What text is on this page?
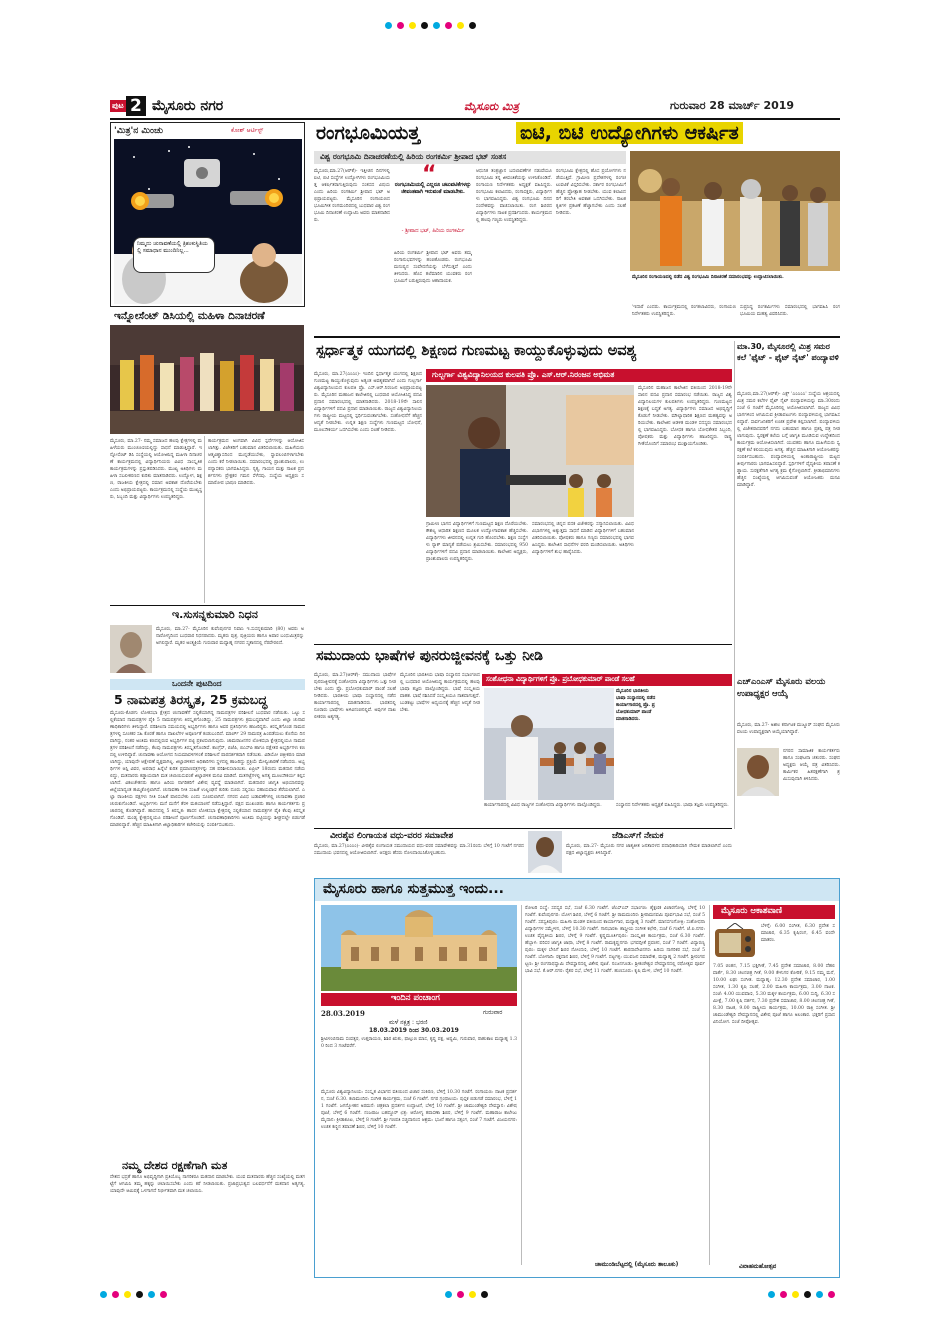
ಪುಟ 2 ಮೈಸೂರು ನಗರ	ಮೈಸೂರು ಮಿತ್ರ	ಗುರುವಾರ 28 ಮಾರ್ಚ್ 2019
'ಮಿತ್ರ'ನ ಮಿಂಚು	ಕೋಶ್ ಆರ್ಟಿಸ್ಟ್
ನಿಮ್ಮದು ಚುನಾವಣೆಯಲ್ಲಿ ತ್ರಿಶಂಕುಸ್ಥಿತಿಯಲ್ಲಿ ಸಮಾಧಾನ ಮುಂದಿನಿಲ್ಲ...
ಇನ್ನೋಸೆಂಟ್ ಡಿಸಿಯಲ್ಲಿ ಮಹಿಳಾ ದಿನಾಚರಣೆ
ಮೈಸೂರು, ಮಾ.27- ನಮ್ಮ ಸಮಾಜದ ಹಲವು ಕ್ಷೇತ್ರಗಳಲ್ಲಿ ಮಹಿಳೆಯರು ಮುಂಚೂಣಿಯಲ್ಲಿದ್ದು ಸಾಧನೆ ಮಾಡುತ್ತಿದ್ದಾರೆ. ಇನ್ನೋಸೆಂಟ್ ಡಿಸಿ ಸಂಸ್ಥೆಯಲ್ಲಿ ಆಯೋಜಿಸಿದ್ದ ಮಹಿಳಾ ದಿನಾಚರಣೆ ಕಾರ್ಯಕ್ರಮದಲ್ಲಿ ವಿದ್ಯಾರ್ಥಿನಿಯರು ವಿವಿಧ ಸಾಂಸ್ಕೃತಿಕ ಕಾರ್ಯಕ್ರಮಗಳನ್ನು ಪ್ರಸ್ತುತಪಡಿಸಿದರು. ಮುಖ್ಯ ಅತಿಥಿಗಳು ಮಹಿಳಾ ಸಬಲೀಕರಣದ ಕುರಿತು ಮಾತನಾಡಿದರು. ಉದ್ಯೋಗ, ಶಿಕ್ಷಣ, ರಾಜಕೀಯ ಕ್ಷೇತ್ರದಲ್ಲಿ ಸಮಾನ ಅವಕಾಶ ದೊರೆಯಬೇಕು ಎಂದು ಅಭಿಪ್ರಾಯಪಟ್ಟರು. ಕಾರ್ಯಕ್ರಮದಲ್ಲಿ ಸಂಸ್ಥೆಯ ಮುಖ್ಯಸ್ಥರು, ಸಿಬ್ಬಂದಿ ಮತ್ತು ವಿದ್ಯಾರ್ಥಿಗಳು ಉಪಸ್ಥಿತರಿದ್ದರು.
ಕಾರ್ಯಕ್ರಮದ ಅಂಗವಾಗಿ ವಿವಿಧ ಸ್ಪರ್ಧೆಗಳನ್ನು ಆಯೋಜಿಸಲಾಗಿತ್ತು. ವಿಜೇತರಿಗೆ ಬಹುಮಾನ ವಿತರಿಸಲಾಯಿತು. ಮಹಿಳೆಯರು ಆತ್ಮವಿಶ್ವಾಸದಿಂದ ಮುನ್ನಡೆಯಬೇಕು, ಸ್ವಾವಲಂಬಿಗಳಾಗಬೇಕು ಎಂದು ಕರೆ ನೀಡಲಾಯಿತು. ಸಮಾರಂಭದಲ್ಲಿ ಪ್ರಾಂಶುಪಾಲರು, ಉಪನ್ಯಾಸಕರು ಭಾಗವಹಿಸಿದ್ದರು. ನೃತ್ಯ, ಗಾಯನ ಮತ್ತು ನಾಟಕ ಪ್ರದರ್ಶನಗಳು ಪ್ರೇಕ್ಷಕರ ಗಮನ ಸೆಳೆದವು. ಸಂಸ್ಥೆಯ ಅಧ್ಯಕ್ಷರು ಸಮಾರೋಪ ಭಾಷಣ ಮಾಡಿದರು.
ಇ.ಸುಸನ್ನಕುಮಾರಿ ನಿಧನ
ಮೈಸೂರು, ಮಾ.27- ಮೈಸೂರಿನ ಕುವೆಂಪುನಗರ ನಿವಾಸಿ ಇ.ಸುಸನ್ನಕುಮಾರಿ (80) ಅವರು ಅನಾರೋಗ್ಯದಿಂದ ಬುಧವಾರ ನಿಧನರಾದರು. ಮೃತರು ಪುತ್ರ, ಪುತ್ರಿಯರು ಹಾಗೂ ಅಪಾರ ಬಂಧುಮಿತ್ರರನ್ನು ಅಗಲಿದ್ದಾರೆ. ಮೃತರ ಅಂತ್ಯಕ್ರಿಯೆ ಗುರುವಾರ ಮಧ್ಯಾಹ್ನ ನಗರದ ಸ್ಮಶಾನದಲ್ಲಿ ನೆರವೇರಲಿದೆ.
ಒಂದನೇ ಪುಟದಿಂದ
5 ನಾಮಪತ್ರ ತಿರಸ್ಕೃತ, 25 ಕ್ರಮಬದ್ಧ
ಮೈಸೂರು-ಕೊಡಗು ಲೋಕಸಭಾ ಕ್ಷೇತ್ರದ ಚುನಾವಣೆಗೆ ಸಲ್ಲಿಕೆಯಾಗಿದ್ದ ನಾಮಪತ್ರಗಳ ಪರಿಶೀಲನೆ ಬುಧವಾರ ನಡೆಯಿತು. ಒಟ್ಟು ಸಲ್ಲಿಕೆಯಾದ ನಾಮಪತ್ರಗಳ ಪೈಕಿ 5 ನಾಮಪತ್ರಗಳು ತಿರಸ್ಕೃತಗೊಂಡಿದ್ದು, 25 ನಾಮಪತ್ರಗಳು ಕ್ರಮಬದ್ಧವಾಗಿವೆ ಎಂದು ಜಿಲ್ಲಾ ಚುನಾವಣಾಧಿಕಾರಿಗಳು ತಿಳಿಸಿದ್ದಾರೆ. ಪರಿಶೀಲನಾ ಸಮಯದಲ್ಲಿ ಅಭ್ಯರ್ಥಿಗಳು ಹಾಗೂ ಅವರ ಪ್ರತಿನಿಧಿಗಳು ಹಾಜರಿದ್ದರು. ತಿರಸ್ಕೃತಗೊಂಡ ನಾಮಪತ್ರಗಳಲ್ಲಿ ಸೂಚಕರ ಸಹಿ ಕೊರತೆ ಹಾಗೂ ದಾಖಲೆಗಳ ಅಪೂರ್ಣತೆ ಕಂಡುಬಂದಿದೆ. ಮಾರ್ಚ್ 29 ನಾಮಪತ್ರ ಹಿಂಪಡೆಯಲು ಕೊನೆಯ ದಿನವಾಗಿದ್ದು, ನಂತರ ಅಂತಿಮ ಕಣದಲ್ಲಿರುವ ಅಭ್ಯರ್ಥಿಗಳ ಪಟ್ಟಿ ಪ್ರಕಟಿಸಲಾಗುವುದು. ಚಾಮರಾಜನಗರ ಲೋಕಸಭಾ ಕ್ಷೇತ್ರದಲ್ಲಿಯೂ ನಾಮಪತ್ರಗಳ ಪರಿಶೀಲನೆ ನಡೆದಿದ್ದು, ಕೆಲವು ನಾಮಪತ್ರಗಳು ತಿರಸ್ಕೃತಗೊಂಡಿವೆ. ಕಾಂಗ್ರೆಸ್, ಬಿಜೆಪಿ, ಬಿಎಸ್‌ಪಿ ಹಾಗೂ ಪಕ್ಷೇತರ ಅಭ್ಯರ್ಥಿಗಳು ಕಣದಲ್ಲಿ ಉಳಿದಿದ್ದಾರೆ. ಚುನಾವಣಾ ಆಯೋಗದ ನಿಯಮಾವಳಿಗಳಂತೆ ಪರಿಶೀಲನೆ ಪಾರದರ್ಶಕವಾಗಿ ನಡೆಯಿತು. ವಿಡಿಯೋ ಚಿತ್ರೀಕರಣ ಮಾಡಲಾಗಿದ್ದು, ಯಾವುದೇ ಆಕ್ಷೇಪಣೆ ವ್ಯಕ್ತವಾಗಿಲ್ಲ. ಜಿಲ್ಲಾಡಳಿತದ ಅಧಿಕಾರಿಗಳು ಸ್ಥಳದಲ್ಲಿ ಹಾಜರಿದ್ದು ಪ್ರಕ್ರಿಯೆ ಮೇಲ್ವಿಚಾರಣೆ ನಡೆಸಿದರು. ಅಭ್ಯರ್ಥಿಗಳ ಆಸ್ತಿ ವಿವರ, ಅಪರಾಧ ಹಿನ್ನೆಲೆ ಕುರಿತ ಪ್ರಮಾಣಪತ್ರಗಳನ್ನು ಸಹ ಪರಿಶೀಲಿಸಲಾಯಿತು. ಏಪ್ರಿಲ್ 18ರಂದು ಮತದಾನ ನಡೆಯಲಿದ್ದು, ಮತದಾರರು ಕಡ್ಡಾಯವಾಗಿ ಮತ ಚಲಾಯಿಸುವಂತೆ ಜಿಲ್ಲಾಡಳಿತ ಮನವಿ ಮಾಡಿದೆ. ಮತಗಟ್ಟೆಗಳಲ್ಲಿ ಅಗತ್ಯ ಮೂಲಸೌಕರ್ಯ ಕಲ್ಪಿಸಲಾಗಿದೆ. ವಿಕಲಚೇತನರು ಹಾಗೂ ಹಿರಿಯ ನಾಗರಿಕರಿಗೆ ವಿಶೇಷ ವ್ಯವಸ್ಥೆ ಮಾಡಲಾಗಿದೆ. ಮತದಾರರ ಜಾಗೃತಿ ಅಭಿಯಾನವನ್ನು ಜಿಲ್ಲೆಯಾದ್ಯಂತ ಹಮ್ಮಿಕೊಳ್ಳಲಾಗಿದೆ. ಚುನಾವಣಾ ನೀತಿ ಸಂಹಿತೆ ಉಲ್ಲಂಘನೆ ಕುರಿತು ದೂರು ಸಲ್ಲಿಸಲು ಸಹಾಯವಾಣಿ ತೆರೆಯಲಾಗಿದೆ. ಎಲ್ಲಾ ರಾಜಕೀಯ ಪಕ್ಷಗಳು ನೀತಿ ಸಂಹಿತೆ ಪಾಲಿಸಬೇಕು ಎಂದು ಸೂಚಿಸಲಾಗಿದೆ. ನಗರದ ವಿವಿಧ ಬಡಾವಣೆಗಳಲ್ಲಿ ಚುನಾವಣಾ ಪ್ರಚಾರ ಚುರುಕುಗೊಂಡಿದೆ. ಅಭ್ಯರ್ಥಿಗಳು ಮನೆ ಮನೆಗೆ ತೆರಳಿ ಮತಯಾಚನೆ ನಡೆಸುತ್ತಿದ್ದಾರೆ. ಪಕ್ಷದ ಮುಖಂಡರು ಹಾಗೂ ಕಾರ್ಯಕರ್ತರು ಪ್ರಚಾರದಲ್ಲಿ ತೊಡಗಿದ್ದಾರೆ. ಹಾಸನದಲ್ಲಿ 5 ತಿರಸ್ಕೃತ: ಹಾಸನ ಲೋಕಸಭಾ ಕ್ಷೇತ್ರದಲ್ಲಿ ಸಲ್ಲಿಕೆಯಾದ ನಾಮಪತ್ರಗಳ ಪೈಕಿ ಕೆಲವು ತಿರಸ್ಕೃತಗೊಂಡಿವೆ. ಮಂಡ್ಯ ಕ್ಷೇತ್ರದಲ್ಲಿಯೂ ಪರಿಶೀಲನೆ ಪೂರ್ಣಗೊಂಡಿದೆ. ಚುನಾವಣಾಧಿಕಾರಿಗಳು ಅಂತಿಮ ಪಟ್ಟಿಯನ್ನು ಶೀಘ್ರದಲ್ಲೇ ಬಿಡುಗಡೆ ಮಾಡಲಿದ್ದಾರೆ. ಹೆಚ್ಚಿನ ಮಾಹಿತಿಗಾಗಿ ಜಿಲ್ಲಾಧಿಕಾರಿಗಳ ಕಚೇರಿಯನ್ನು ಸಂಪರ್ಕಿಸಬಹುದು.
ನಮ್ಮ ದೇಶದ ರಕ್ಷಣೆಗಾಗಿ ಮತ
ದೇಶದ ಭದ್ರತೆ ಹಾಗೂ ಅಭಿವೃದ್ಧಿಗಾಗಿ ಪ್ರತಿಯೊಬ್ಬ ನಾಗರಿಕರೂ ಮತದಾನ ಮಾಡಬೇಕು. ಯುವ ಮತದಾರರು ಹೆಚ್ಚಿನ ಸಂಖ್ಯೆಯಲ್ಲಿ ಮತಗಟ್ಟೆಗೆ ಆಗಮಿಸಿ ತಮ್ಮ ಹಕ್ಕನ್ನು ಚಲಾಯಿಸಬೇಕು ಎಂದು ಕರೆ ನೀಡಲಾಯಿತು. ಪ್ರಜಾಪ್ರಭುತ್ವದ ಬಲವರ್ಧನೆಗೆ ಮತದಾನ ಅತ್ಯಗತ್ಯ. ಯಾವುದೇ ಆಮಿಷಕ್ಕೆ ಒಳಗಾಗದೆ ನಿರ್ಭೀತವಾಗಿ ಮತ ಚಲಾಯಿಸಿ.
ರಂಗಭೂಮಿಯತ್ತ	ಐಟಿ, ಬಿಟಿ ಉದ್ಯೋಗಿಗಳು ಆಕರ್ಷಿತ
ವಿಶ್ವ ರಂಗಭೂಮಿ ದಿನಾಚರಣೆಯಲ್ಲಿ ಹಿರಿಯ ರಂಗಕರ್ಮಿ ಶ್ರೀಪಾದ ಭಟ್ ಸಂತಸ
ಮೈಸೂರು,ಮಾ.27(ಆರ್‌ಕೆ)- ಇತ್ತೀಚಿನ ದಿನಗಳಲ್ಲಿ ಐಟಿ, ಬಿಟಿ ಸಂಸ್ಥೆಗಳ ಉದ್ಯೋಗಿಗಳು ರಂಗಭೂಮಿಯತ್ತ ಆಕರ್ಷಿತರಾಗುತ್ತಿರುವುದು ಸಂತಸದ ವಿಷಯ ಎಂದು ಹಿರಿಯ ರಂಗಕರ್ಮಿ ಶ್ರೀಪಾದ ಭಟ್ ಅಭಿಪ್ರಾಯಪಟ್ಟರು. ಮೈಸೂರಿನ ರಂಗಾಯಣದ ಭೂಮಿಗೀತ ರಂಗಮಂದಿರದಲ್ಲಿ ಬುಧವಾರ ವಿಶ್ವ ರಂಗಭೂಮಿ ದಿನಾಚರಣೆ ಉದ್ಘಾಟಿಸಿ ಅವರು ಮಾತನಾಡಿದರು.
“
ರಂಗಭೂಮಿಯಲ್ಲಿ ಎಲ್ಲರೂ ಚಟುವಟಿಕೆಗಳನ್ನು ಜೀವಂತವಾಗಿ ಇರುವಂತೆ ಮಾಡಬೇಕು.
- ಶ್ರೀಪಾದ ಭಟ್, ಹಿರಿಯ ರಂಗಕರ್ಮಿ
ಹಿರಿಯ ರಂಗಕರ್ಮಿ ಶ್ರೀಪಾದ ಭಟ್ ಅವರು ತಮ್ಮ ರಂಗಾನುಭವಗಳನ್ನು ಹಂಚಿಕೊಂಡರು. ರಂಗಭೂಮಿ ಮನುಷ್ಯನ ಸಂವೇದನೆಯನ್ನು ಬೆಳೆಸುತ್ತದೆ ಎಂದು ತಿಳಿಸಿದರು. ಹೊಸ ತಲೆಮಾರಿನ ಯುವಕರು ರಂಗಭೂಮಿಗೆ ಬರುತ್ತಿರುವುದು ಆಶಾದಾಯಕ.
ಆಧುನಿಕ ತಂತ್ರಜ್ಞಾನ ಬದಲಾವಣೆಗಳ ನಡುವೆಯೂ ರಂಗಭೂಮಿ ತನ್ನ ಜೀವಂತಿಕೆಯನ್ನು ಉಳಿಸಿಕೊಂಡಿದೆ. ರಂಗಾಯಣ ನಿರ್ದೇಶಕರು ಅಧ್ಯಕ್ಷತೆ ವಹಿಸಿದ್ದರು. ರಂಗಭೂಮಿ ಕಲಾವಿದರು, ರಂಗಾಸಕ್ತರು, ವಿದ್ಯಾರ್ಥಿಗಳು ಭಾಗವಹಿಸಿದ್ದರು. ವಿಶ್ವ ರಂಗಭೂಮಿ ದಿನದ ಸಂದೇಶವನ್ನು ವಾಚಿಸಲಾಯಿತು. ರಂಗ ಶಿಬಿರದ ವಿದ್ಯಾರ್ಥಿಗಳು ನಾಟಕ ಪ್ರದರ್ಶಿಸಿದರು. ಕಾರ್ಯಕ್ರಮದಲ್ಲಿ ಹಲವು ಗಣ್ಯರು ಉಪಸ್ಥಿತರಿದ್ದರು.
ರಂಗಭೂಮಿ ಕ್ಷೇತ್ರದಲ್ಲಿ ಹೊಸ ಪ್ರಯೋಗಗಳು ನಡೆಯುತ್ತಿವೆ. ಗ್ರಾಮೀಣ ಪ್ರದೇಶಗಳಲ್ಲಿ ರಂಗಚಟುವಟಿಕೆ ವಿಸ್ತರಿಸಬೇಕು. ಸರ್ಕಾರ ರಂಗಭೂಮಿಗೆ ಹೆಚ್ಚಿನ ಪ್ರೋತ್ಸಾಹ ನೀಡಬೇಕು. ಯುವ ಕಲಾವಿದರಿಗೆ ತರಬೇತಿ ಅವಕಾಶ ಒದಗಿಸಬೇಕು. ನಾಟಕ ಕೃತಿಗಳ ಪ್ರಕಟಣೆ ಹೆಚ್ಚಾಗಬೇಕು ಎಂದು ಸಲಹೆ ನೀಡಿದರು.
ಮೈಸೂರಿನ ರಂಗಾಯಣದಲ್ಲಿ ನಡೆದ ವಿಶ್ವ ರಂಗಭೂಮಿ ದಿನಾಚರಣೆ ಸಮಾರಂಭವನ್ನು ಉದ್ಘಾಟಿಸಲಾಯಿತು.
'ಇದಾರೆ ಎಂದರು. ಕಾರ್ಯಕ್ರಮದಲ್ಲಿ ರಂಗಕಲಾವಿದರು, ರಂಗಾಯಣ ನಿರ್ದೇಶಕರು ಉಪಸ್ಥಿತರಿದ್ದರು.
ಸುಪ್ರಸಿದ್ಧ ರಂಗಕರ್ಮಿಗಳು ಸಮಾರಂಭದಲ್ಲಿ ಭಾಗವಹಿಸಿ ರಂಗಭೂಮಿಯ ಮಹತ್ವ ವಿವರಿಸಿದರು.
ಸ್ಪರ್ಧಾತ್ಮಕ ಯುಗದಲ್ಲಿ ಶಿಕ್ಷಣದ ಗುಣಮಟ್ಟ ಕಾಯ್ದುಕೊಳ್ಳುವುದು ಅವಶ್ಯ
ಗುಲ್ಬರ್ಗಾ ವಿಶ್ವವಿದ್ಯಾನಿಲಯದ ಕುಲಪತಿ ಪ್ರೊ. ಎಸ್.ಆರ್.ನಿರಂಜನ ಅಭಿಮತ
ಮೈಸೂರು, ಮಾ.27(ಎಂಎಂ)- ಇಂದಿನ ಸ್ಪರ್ಧಾತ್ಮಕ ಯುಗದಲ್ಲಿ ಶಿಕ್ಷಣದ ಗುಣಮಟ್ಟ ಕಾಯ್ದುಕೊಳ್ಳುವುದು ಅತ್ಯಂತ ಅವಶ್ಯಕವಾಗಿದೆ ಎಂದು ಗುಲ್ಬರ್ಗಾ ವಿಶ್ವವಿದ್ಯಾನಿಲಯದ ಕುಲಪತಿ ಪ್ರೊ. ಎಸ್.ಆರ್.ನಿರಂಜನ ಅಭಿಪ್ರಾಯಪಟ್ಟರು. ಮೈಸೂರಿನ ಮಹಾಜನ ಕಾಲೇಜಿನಲ್ಲಿ ಬುಧವಾರ ಆಯೋಜಿಸಿದ್ದ ಪದವಿ ಪ್ರದಾನ ಸಮಾರಂಭದಲ್ಲಿ ಮಾತನಾಡಿದರು. 2018-19ನೇ ಸಾಲಿನ ವಿದ್ಯಾರ್ಥಿಗಳಿಗೆ ಪದವಿ ಪ್ರದಾನ ಮಾಡಲಾಯಿತು. ರಾಜ್ಯದ ವಿಶ್ವವಿದ್ಯಾನಿಲಯಗಳು ರಾಷ್ಟ್ರೀಯ ಮಟ್ಟದಲ್ಲಿ ಸ್ಪರ್ಧಿಸುವಂತಾಗಬೇಕು. ಸಂಶೋಧನೆಗೆ ಹೆಚ್ಚಿನ ಆದ್ಯತೆ ನೀಡಬೇಕು. ಉನ್ನತ ಶಿಕ್ಷಣ ಸಂಸ್ಥೆಗಳು ಗುಣಮಟ್ಟದ ಬೋಧನೆ, ಮೂಲಸೌಕರ್ಯ ಒದಗಿಸಬೇಕು ಎಂದು ಸಲಹೆ ನೀಡಿದರು.
ಗ್ರಾಮೀಣ ಭಾಗದ ವಿದ್ಯಾರ್ಥಿಗಳಿಗೆ ಗುಣಮಟ್ಟದ ಶಿಕ್ಷಣ ದೊರೆಯಬೇಕು. ಕೌಶಲ್ಯ ಆಧಾರಿತ ಶಿಕ್ಷಣದ ಮೂಲಕ ಉದ್ಯೋಗಾವಕಾಶ ಹೆಚ್ಚಿಸಬೇಕು. ವಿದ್ಯಾರ್ಥಿಗಳು ಜೀವನದಲ್ಲಿ ಉನ್ನತ ಗುರಿ ಹೊಂದಬೇಕು. ಶಿಕ್ಷಣ ಸಂಸ್ಥೆಗಳು ನ್ಯಾಕ್ ಮಾನ್ಯತೆ ಪಡೆಯಲು ಶ್ರಮಿಸಬೇಕು. ಸಮಾರಂಭದಲ್ಲಿ 950 ವಿದ್ಯಾರ್ಥಿಗಳಿಗೆ ಪದವಿ ಪ್ರದಾನ ಮಾಡಲಾಯಿತು. ಕಾಲೇಜಿನ ಅಧ್ಯಕ್ಷರು, ಪ್ರಾಂಶುಪಾಲರು ಉಪಸ್ಥಿತರಿದ್ದರು.
ಸಮಾರಂಭದಲ್ಲಿ ಚಿನ್ನದ ಪದಕ ವಿಜೇತರನ್ನು ಸನ್ಮಾನಿಸಲಾಯಿತು. ವಿವಿಧ ವಿಭಾಗಗಳಲ್ಲಿ ಅತ್ಯುತ್ತಮ ಸಾಧನೆ ಮಾಡಿದ ವಿದ್ಯಾರ್ಥಿಗಳಿಗೆ ಬಹುಮಾನ ವಿತರಿಸಲಾಯಿತು. ಪೋಷಕರು ಹಾಗೂ ಗಣ್ಯರು ಸಮಾರಂಭದಲ್ಲಿ ಭಾಗವಹಿಸಿದ್ದರು. ಕಾಲೇಜಿನ ಸಾಧನೆಗಳ ವರದಿ ಮಂಡಿಸಲಾಯಿತು. ಅತಿಥಿಗಳು ವಿದ್ಯಾರ್ಥಿಗಳಿಗೆ ಶುಭ ಹಾರೈಸಿದರು.
ಮೈಸೂರಿನ ಮಹಾಜನ ಕಾಲೇಜಿನ ವತಿಯಿಂದ 2018-19ನೇ ಸಾಲಿನ ಪದವಿ ಪ್ರದಾನ ಸಮಾರಂಭ ನಡೆಯಿತು. ರಾಜ್ಯದ ವಿಶ್ವವಿದ್ಯಾನಿಲಯಗಳ ಕುಲಪತಿಗಳು ಉಪಸ್ಥಿತರಿದ್ದರು. ಗುಣಮಟ್ಟದ ಶಿಕ್ಷಣಕ್ಕೆ ಬದ್ಧತೆ ಅಗತ್ಯ. ವಿದ್ಯಾರ್ಥಿಗಳು ಸಮಾಜದ ಅಭಿವೃದ್ಧಿಗೆ ಕೊಡುಗೆ ನೀಡಬೇಕು. ಮೌಲ್ಯಾಧಾರಿತ ಶಿಕ್ಷಣದ ಮಹತ್ವವನ್ನು ಅರಿಯಬೇಕು. ಕಾಲೇಜಿನ ಆಡಳಿತ ಮಂಡಳಿ ಸದಸ್ಯರು ಸಮಾರಂಭದಲ್ಲಿ ಭಾಗವಹಿಸಿದ್ದರು. ಬೋಧಕ ಹಾಗೂ ಬೋಧಕೇತರ ಸಿಬ್ಬಂದಿ, ಪೋಷಕರು ಮತ್ತು ವಿದ್ಯಾರ್ಥಿಗಳು ಹಾಜರಿದ್ದರು. ರಾಷ್ಟ್ರಗೀತೆಯೊಂದಿಗೆ ಸಮಾರಂಭ ಮುಕ್ತಾಯಗೊಂಡಿತು.
ಮಾ.30, ಮೈಸೂರಲ್ಲಿ ಮಿಶ್ರ ಸಮರ ಕಲೆ 'ಫೈಟ್ - ಫೈಟ್ ನೈಟ್' ಪಂದ್ಯಾವಳಿ
ಮೈಸೂರು,ಮಾ.27(ಆರ್‌ಕೆ)- ಎಕ್ಸ್ 'ಎಂಎಂಎ' ಸಂಸ್ಥೆಯ ಆಶ್ರಯದಲ್ಲಿ ಮಿಶ್ರ ಸಮರ ಕಲೆಗಳ ಫೈಟ್ ನೈಟ್ ಪಂದ್ಯಾವಳಿಯನ್ನು ಮಾ.30ರಂದು ಸಂಜೆ 6 ಗಂಟೆಗೆ ಮೈಸೂರಿನಲ್ಲಿ ಆಯೋಜಿಸಲಾಗಿದೆ. ರಾಜ್ಯದ ವಿವಿಧ ಭಾಗಗಳಿಂದ ಆಗಮಿಸುವ ಕ್ರೀಡಾಪಟುಗಳು ಪಂದ್ಯಾವಳಿಯಲ್ಲಿ ಭಾಗವಹಿಸಲಿದ್ದಾರೆ. ಸಾರ್ವಜನಿಕರಿಗೆ ಉಚಿತ ಪ್ರವೇಶ ಕಲ್ಪಿಸಲಾಗಿದೆ. ಪಂದ್ಯಾವಳಿಯಲ್ಲಿ ವಿಜೇತರಾದವರಿಗೆ ನಗದು ಬಹುಮಾನ ಹಾಗೂ ಪ್ರಶಸ್ತಿ ಪತ್ರ ನೀಡಲಾಗುವುದು. ಸ್ವರಕ್ಷಣೆ ಕಲೆಯ ಬಗ್ಗೆ ಜಾಗೃತಿ ಮೂಡಿಸುವ ಉದ್ದೇಶದಿಂದ ಕಾರ್ಯಕ್ರಮ ಆಯೋಜಿಸಲಾಗಿದೆ. ಯುವಕರು ಹಾಗೂ ಮಹಿಳೆಯರು ಸ್ವರಕ್ಷಣೆ ಕಲೆ ಕಲಿಯುವುದು ಅಗತ್ಯ. ಹೆಚ್ಚಿನ ಮಾಹಿತಿಗಾಗಿ ಆಯೋಜಕರನ್ನು ಸಂಪರ್ಕಿಸಬಹುದು. ಪಂದ್ಯಾವಳಿಯಲ್ಲಿ ಅಂತಾರಾಷ್ಟ್ರೀಯ ಮಟ್ಟದ ತೀರ್ಪುಗಾರರು ಭಾಗವಹಿಸಲಿದ್ದಾರೆ. ಸ್ಪರ್ಧಿಗಳಿಗೆ ವೈದ್ಯಕೀಯ ತಪಾಸಣೆ ಕಡ್ಡಾಯ. ಸುರಕ್ಷತೆಗಾಗಿ ಅಗತ್ಯ ಕ್ರಮ ಕೈಗೊಳ್ಳಲಾಗಿದೆ. ಕ್ರೀಡಾಭಿಮಾನಿಗಳು ಹೆಚ್ಚಿನ ಸಂಖ್ಯೆಯಲ್ಲಿ ಆಗಮಿಸುವಂತೆ ಆಯೋಜಕರು ಮನವಿ ಮಾಡಿದ್ದಾರೆ.
ಸಮುದಾಯ ಭಾಷೆಗಳ ಪುನರುಜ್ಜೀವನಕ್ಕೆ ಒತ್ತು ನೀಡಿ
ಸಂಶೋಧನಾ ವಿದ್ಯಾರ್ಥಿಗಳಿಗೆ ಪ್ರೊ. ಪ್ರಬೋಧಕುಮಾರ್ ಪಾಂಡೆ ಸಲಹೆ
ಮೈಸೂರು, ಮಾ.27(ಆರ್‌ಕೆ)- ಸಮುದಾಯ ಭಾಷೆಗಳ ಪುನರುಜ್ಜೀವನಕ್ಕೆ ಸಂಶೋಧನಾ ವಿದ್ಯಾರ್ಥಿಗಳು ಒತ್ತು ನೀಡಬೇಕು ಎಂದು ಪ್ರೊ. ಪ್ರಬೋಧಕುಮಾರ್ ಪಾಂಡೆ ಸಲಹೆ ನೀಡಿದರು. ಭಾರತೀಯ ಭಾಷಾ ಸಂಸ್ಥಾನದಲ್ಲಿ ನಡೆದ ಕಾರ್ಯಾಗಾರದಲ್ಲಿ ಮಾತನಾಡಿದರು. ಭಾರತದಲ್ಲಿ ನೂರಾರು ಭಾಷೆಗಳು ಅಳಿವಿನಂಚಿನಲ್ಲಿವೆ. ಅವುಗಳ ದಾಖಲೀಕರಣ ಅತ್ಯಗತ್ಯ.
ಮೈಸೂರಿನ ಭಾರತೀಯ ಭಾಷಾ ಸಂಸ್ಥಾನದ ಸಭಾಂಗಣದಲ್ಲಿ ಬುಧವಾರ ಆಯೋಜಿಸಿದ್ದ ಕಾರ್ಯಕ್ರಮದಲ್ಲಿ ಹಲವು ಭಾಷಾ ತಜ್ಞರು ಪಾಲ್ಗೊಂಡಿದ್ದರು. ಭಾಷೆ ಸಂಸ್ಕೃತಿಯ ವಾಹಕ. ಭಾಷೆ ನಶಿಸಿದರೆ ಸಂಸ್ಕೃತಿಯೂ ನಾಶವಾಗುತ್ತದೆ. ಬುಡಕಟ್ಟು ಭಾಷೆಗಳ ಅಧ್ಯಯನಕ್ಕೆ ಹೆಚ್ಚಿನ ಆದ್ಯತೆ ನೀಡಬೇಕು.
ಮೈಸೂರಿನ ಭಾರತೀಯ ಭಾಷಾ ಸಂಸ್ಥಾನದಲ್ಲಿ ನಡೆದ ಕಾರ್ಯಾಗಾರದಲ್ಲಿ ಪ್ರೊ. ಪ್ರಬೋಧಕುಮಾರ್ ಪಾಂಡೆ ಮಾತನಾಡಿದರು.
ಕಾರ್ಯಾಗಾರದಲ್ಲಿ ವಿವಿಧ ರಾಜ್ಯಗಳ ಸಂಶೋಧನಾ ವಿದ್ಯಾರ್ಥಿಗಳು ಪಾಲ್ಗೊಂಡಿದ್ದರು.	ಸಂಸ್ಥಾನದ ನಿರ್ದೇಶಕರು ಅಧ್ಯಕ್ಷತೆ ವಹಿಸಿದ್ದರು. ಭಾಷಾ ತಜ್ಞರು ಉಪಸ್ಥಿತರಿದ್ದರು.
ಎಚ್‌ಎಂಎಸ್ ಮೈಸೂರು ವಲಯ ಉಪಾಧ್ಯಕ್ಷರ ಆಯ್ಕೆ
ಮೈಸೂರು, ಮಾ.27- ಅಖಿಲ ಕರ್ನಾಟಕ ಮಜ್ದೂರ್ ಸಂಘದ ಮೈಸೂರು ವಲಯ ಉಪಾಧ್ಯಕ್ಷರಾಗಿ ಆಯ್ಕೆಯಾಗಿದ್ದಾರೆ.
ನಗರದ ಸಾಮಾಜಿಕ ಕಾರ್ಯಕರ್ತರು ಹಾಗೂ ಸಂಘಟನಾ ಚತುರರು. ಸಂಘದ ಅಧ್ಯಕ್ಷರು ಆಯ್ಕೆ ಪತ್ರ ವಿತರಿಸಿದರು. ಕಾರ್ಮಿಕರ ಹಿತರಕ್ಷಣೆಗಾಗಿ ಶ್ರಮಿಸುವುದಾಗಿ ತಿಳಿಸಿದರು.
ವೀರಶೈವ ಲಿಂಗಾಯತ ವಧು-ವರರ ಸಮಾವೇಶ
ಮೈಸೂರು, ಮಾ.27(ಎಂಎಂ)- ವೀರಶೈವ ಲಿಂಗಾಯತ ಸಮುದಾಯದ ವಧು-ವರರ ಸಮಾವೇಶವನ್ನು ಮಾ.31ರಂದು ಬೆಳಿಗ್ಗೆ 10 ಗಂಟೆಗೆ ನಗರದ ಸಮುದಾಯ ಭವನದಲ್ಲಿ ಆಯೋಜಿಸಲಾಗಿದೆ. ಆಸಕ್ತರು ಹೆಸರು ನೋಂದಾಯಿಸಿಕೊಳ್ಳಬಹುದು.
ಜೆಡಿಎಸ್‌ಗೆ ನೇಮಕ
ಮೈಸೂರು, ಮಾ.27- ಮೈಸೂರು ನಗರ ಜಾತ್ಯತೀತ ಜನತಾದಳದ ಪದಾಧಿಕಾರಿಯಾಗಿ ನೇಮಕ ಮಾಡಲಾಗಿದೆ ಎಂದು ಪಕ್ಷದ ಜಿಲ್ಲಾಧ್ಯಕ್ಷರು ತಿಳಿಸಿದ್ದಾರೆ.
ಮೈಸೂರು ಹಾಗೂ ಸುತ್ತಮುತ್ತ ಇಂದು...
ಇಂದಿನ ಪಂಚಾಂಗ
28.03.2019	ಗುರುವಾರ
ಮಳೆ ನಕ್ಷತ್ರ : ಭರಣಿ
18.03.2019 ರಿಂದ 30.03.2019
ಶ್ರೀವಿಳಂಬಿನಾಮ ಸಂವತ್ಸರ, ಉತ್ತರಾಯಣ, ಶಿಶಿರ ಋತು, ಫಾಲ್ಗುಣ ಮಾಸ, ಕೃಷ್ಣ ಪಕ್ಷ, ಅಷ್ಟಮಿ, ಗುರುವಾರ, ರಾಹುಕಾಲ ಮಧ್ಯಾಹ್ನ 1.30 ರಿಂದ 3 ಗಂಟೆವರೆಗೆ.
ಮೈಸೂರು ವಿಶ್ವವಿದ್ಯಾನಿಲಯ: ಸಂಸ್ಕೃತ ವಿಭಾಗದ ವತಿಯಿಂದ ವಿಚಾರ ಸಂಕಿರಣ, ಬೆಳಿಗ್ಗೆ 10.30 ಗಂಟೆಗೆ. ರಂಗಾಯಣ: ನಾಟಕ ಪ್ರದರ್ಶನ, ಸಂಜೆ 6.30. ಕಲಾಮಂದಿರ: ಸಂಗೀತ ಕಾರ್ಯಕ್ರಮ, ಸಂಜೆ 6 ಗಂಟೆಗೆ. ನಗರ ಗ್ರಂಥಾಲಯ: ಪುಸ್ತಕ ಬಿಡುಗಡೆ ಸಮಾರಂಭ, ಬೆಳಿಗ್ಗೆ 11 ಗಂಟೆಗೆ. ಜಗನ್ಮೋಹನ ಅರಮನೆ: ಚಿತ್ರಕಲಾ ಪ್ರದರ್ಶನ ಉದ್ಘಾಟನೆ, ಬೆಳಿಗ್ಗೆ 10 ಗಂಟೆಗೆ. ಶ್ರೀ ಚಾಮುಂಡೇಶ್ವರಿ ದೇವಸ್ಥಾನ: ವಿಶೇಷ ಪೂಜೆ, ಬೆಳಿಗ್ಗೆ 6 ಗಂಟೆಗೆ. ನಂಜರಾಜ ಬಹದ್ದೂರ್ ಛತ್ರ: ಆರೋಗ್ಯ ತಪಾಸಣಾ ಶಿಬಿರ, ಬೆಳಿಗ್ಗೆ 9 ಗಂಟೆಗೆ. ಮಹಾರಾಜ ಕಾಲೇಜು ಮೈದಾನ: ಕ್ರೀಡಾಕೂಟ, ಬೆಳಿಗ್ಗೆ 8 ಗಂಟೆಗೆ. ಶ್ರೀ ಗಣಪತಿ ಸಚ್ಚಿದಾನಂದ ಆಶ್ರಮ: ಭಜನೆ ಹಾಗೂ ಸತ್ಸಂಗ, ಸಂಜೆ 7 ಗಂಟೆಗೆ. ವಿಜಯನಗರ: ಉಚಿತ ಕಣ್ಣಿನ ತಪಾಸಣೆ ಶಿಬಿರ, ಬೆಳಿಗ್ಗೆ 10 ಗಂಟೆಗೆ.
ರೋಟರಿ ಸಂಸ್ಥೆ: ಸದಸ್ಯರ ಸಭೆ, ಸಂಜೆ 6.30 ಗಂಟೆಗೆ. ಜೆಎಸ್‌ಎಸ್ ಸಭಾಂಗಣ: ಶೈಕ್ಷಣಿಕ ವಿಚಾರಗೋಷ್ಠಿ, ಬೆಳಿಗ್ಗೆ 10 ಗಂಟೆಗೆ. ಕುವೆಂಪುನಗರ: ಯೋಗ ಶಿಬಿರ, ಬೆಳಿಗ್ಗೆ 6 ಗಂಟೆಗೆ. ಶ್ರೀ ರಾಮಮಂದಿರ: ಶ್ರೀರಾಮನವಮಿ ಪೂರ್ವಭಾವಿ ಸಭೆ, ಸಂಜೆ 5 ಗಂಟೆಗೆ. ಸರಸ್ವತಿಪುರಂ: ಮಹಿಳಾ ಮಂಡಳಿ ವತಿಯಿಂದ ಕಾರ್ಯಾಗಾರ, ಮಧ್ಯಾಹ್ನ 3 ಗಂಟೆಗೆ. ಮಾನಸಗಂಗೋತ್ರಿ: ಸಂಶೋಧನಾ ವಿದ್ಯಾರ್ಥಿಗಳ ಸಮ್ಮೇಳನ, ಬೆಳಿಗ್ಗೆ 10.30 ಗಂಟೆಗೆ. ಗಾನಭಾರತಿ: ಶಾಸ್ತ್ರೀಯ ಸಂಗೀತ ಕಛೇರಿ, ಸಂಜೆ 6 ಗಂಟೆಗೆ. ಜೆ.ಪಿ.ನಗರ: ಉಚಿತ ವೈದ್ಯಕೀಯ ಶಿಬಿರ, ಬೆಳಿಗ್ಗೆ 9 ಗಂಟೆಗೆ. ಕೃಷ್ಣಮೂರ್ತಿಪುರಂ: ಸಾಂಸ್ಕೃತಿಕ ಕಾರ್ಯಕ್ರಮ, ಸಂಜೆ 6.30 ಗಂಟೆಗೆ. ಹೆಬ್ಬಾಳ: ಪರಿಸರ ಜಾಗೃತಿ ಜಾಥಾ, ಬೆಳಿಗ್ಗೆ 8 ಗಂಟೆಗೆ. ರಾಮಕೃಷ್ಣನಗರ: ಭಗವದ್ಗೀತೆ ಪ್ರವಚನ, ಸಂಜೆ 7 ಗಂಟೆಗೆ. ವಿದ್ಯಾರಣ್ಯಪುರಂ: ಮಕ್ಕಳ ಬೇಸಿಗೆ ಶಿಬಿರ ನೋಂದಣಿ, ಬೆಳಿಗ್ಗೆ 10 ಗಂಟೆಗೆ. ಶಾರದಾದೇವಿನಗರ: ಹಿರಿಯ ನಾಗರಿಕರ ಸಭೆ, ಸಂಜೆ 5 ಗಂಟೆಗೆ. ಬೋಗಾದಿ: ರಕ್ತದಾನ ಶಿಬಿರ, ಬೆಳಿಗ್ಗೆ 9 ಗಂಟೆಗೆ. ದಟ್ಟಗಳ್ಳಿ: ಯುವಜನ ಸಮಾವೇಶ, ಮಧ್ಯಾಹ್ನ 2 ಗಂಟೆಗೆ. ಶ್ರೀರಂಗಪಟ್ಟಣ: ಶ್ರೀ ರಂಗನಾಥಸ್ವಾಮಿ ದೇವಸ್ಥಾನದಲ್ಲಿ ವಿಶೇಷ ಪೂಜೆ. ನಂಜನಗೂಡು: ಶ್ರೀಕಂಠೇಶ್ವರ ದೇವಸ್ಥಾನದಲ್ಲಿ ರಥೋತ್ಸವ ಪೂರ್ವಭಾವಿ ಸಭೆ. ಕೆ.ಆರ್.ನಗರ: ರೈತರ ಸಭೆ, ಬೆಳಿಗ್ಗೆ 11 ಗಂಟೆಗೆ. ಹುಣಸೂರು: ಕೃಷಿ ಮೇಳ, ಬೆಳಿಗ್ಗೆ 10 ಗಂಟೆಗೆ.
ಚಾಮುಂಡಿಬೆಟ್ಟದಲ್ಲಿ (ಮೈಸೂರು ತಾಲೂಕು)
ಮೈಸೂರು ಆಕಾಶವಾಣಿ
ಬೆಳಿಗ್ಗೆ: 6.00 ಸಂಗೀತ, 6.30 ಪ್ರದೇಶ ಸಮಾಚಾರ, 6.35 ಕೃಷಿರಂಗ, 6.45 ವಂದೇ ಮಾತರಂ.
7.05 ಚಿಂತನ, 7.15 ಭಕ್ತಿಗೀತೆ, 7.45 ಪ್ರದೇಶ ಸಮಾಚಾರ, 8.00 ದೆಹಲಿ ವಾರ್ತೆ, 8.30 ಚಲನಚಿತ್ರ ಗೀತೆ, 9.00 ಕೇಳುಗರ ಕೋರಿಕೆ, 9.15 ನಮ್ಮ ಮನೆ, 10.00 ಲಘು ಸಂಗೀತ. ಮಧ್ಯಾಹ್ನ: 12.30 ಪ್ರದೇಶ ಸಮಾಚಾರ, 1.00 ಸಂಗೀತ, 1.30 ಕೃಷಿ ಸಲಹೆ, 2.00 ಮಹಿಳಾ ಕಾರ್ಯಕ್ರಮ, 3.00 ನಾಟಕ. ಸಂಜೆ: 4.00 ಯುವವಾಣಿ, 5.30 ಮಕ್ಕಳ ಕಾರ್ಯಕ್ರಮ, 6.00 ಸುದ್ದಿ, 6.30 ಸಮೀಕ್ಷೆ, 7.00 ಕೃಷಿ ದರ್ಶನ, 7.30 ಪ್ರದೇಶ ಸಮಾಚಾರ, 8.00 ಚಲನಚಿತ್ರ ಗೀತೆ, 8.30 ನಾಟಕ, 9.00 ರಾಷ್ಟ್ರೀಯ ಕಾರ್ಯಕ್ರಮ, 10.00 ರಾತ್ರಿ ಸಂಗೀತ. ಶ್ರೀ ಚಾಮುಂಡೇಶ್ವರಿ ದೇವಸ್ಥಾನದಲ್ಲಿ ವಿಶೇಷ ಪೂಜೆ ಹಾಗೂ ಅಲಂಕಾರ. ಭಕ್ತರಿಗೆ ಪ್ರಸಾದ ವಿನಿಯೋಗ. ಸಂಜೆ ದೀಪೋತ್ಸವ.
ವಿವಾಹಮಹೋತ್ಸವ
